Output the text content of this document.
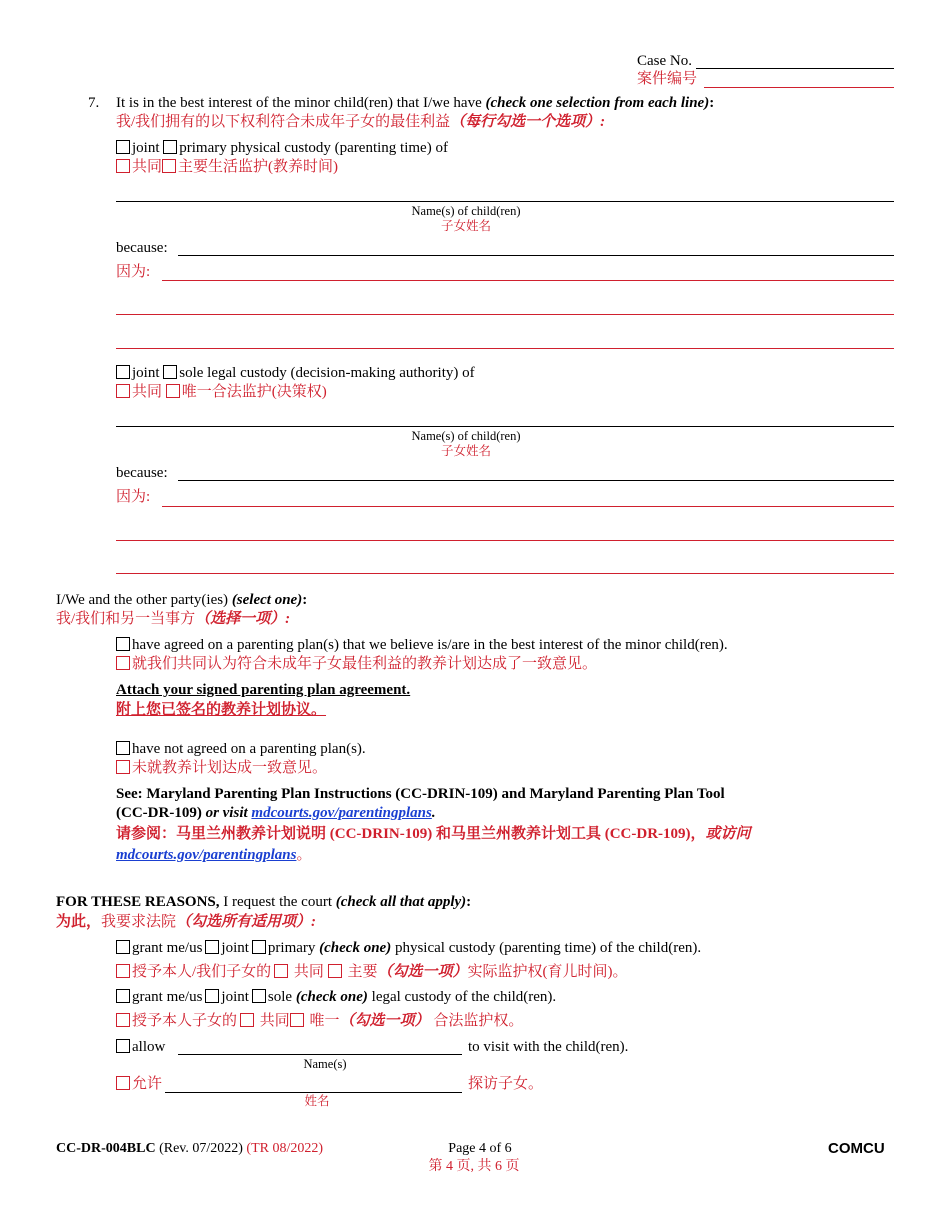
Case No.
案件编号
7. It is in the best interest of the minor child(ren) that I/we have (check one selection from each line):
我/我们拥有的以下权利符合未成年子女的最佳利益（每行勾选一个选项）:
joint primary physical custody (parenting time) of
共同 主要生活监护(教养时间)
Name(s) of child(ren)
子女姓名
because:
因为:
joint sole legal custody (decision-making authority) of
共同 唯一合法监护(决策权)
Name(s) of child(ren)
子女姓名
because:
因为:
I/We and the other party(ies) (select one):
我/我们和另一当事方（选择一项）:
have agreed on a parenting plan(s) that we believe is/are in the best interest of the minor child(ren).
就我们共同认为符合未成年子女最佳利益的教养计划达成了一致意见。
Attach your signed parenting plan agreement.
附上您已签名的教养计划协议。
have not agreed on a parenting plan(s).
未就教养计划达成一致意见。
See: Maryland Parenting Plan Instructions (CC-DRIN-109) and Maryland Parenting Plan Tool
(CC-DR-109) or visit mdcourts.gov/parentingplans.
请参阅：马里兰州教养计划说明 (CC-DRIN-109) 和马里兰州教养计划工具 (CC-DR-109)，或访问
mdcourts.gov/parentingplans。
FOR THESE REASONS, I request the court (check all that apply):
为此，我要求法院（勾选所有适用项）:
grant me/us joint primary (check one) physical custody (parenting time) of the child(ren).
授予本人/我们子女的 共同 主要（勾选一项）实际监护权(育儿时间)。
grant me/us joint sole (check one) legal custody of the child(ren).
授予本人子女的 共同 唯一（勾选一项） 合法监护权。
allow	to visit with the child(ren).
Name(s)
允许	探访子女。
姓名
CC-DR-004BLC (Rev. 07/2022) (TR 08/2022)	Page 4 of 6
第 4 页, 共 6 页
COMCU
